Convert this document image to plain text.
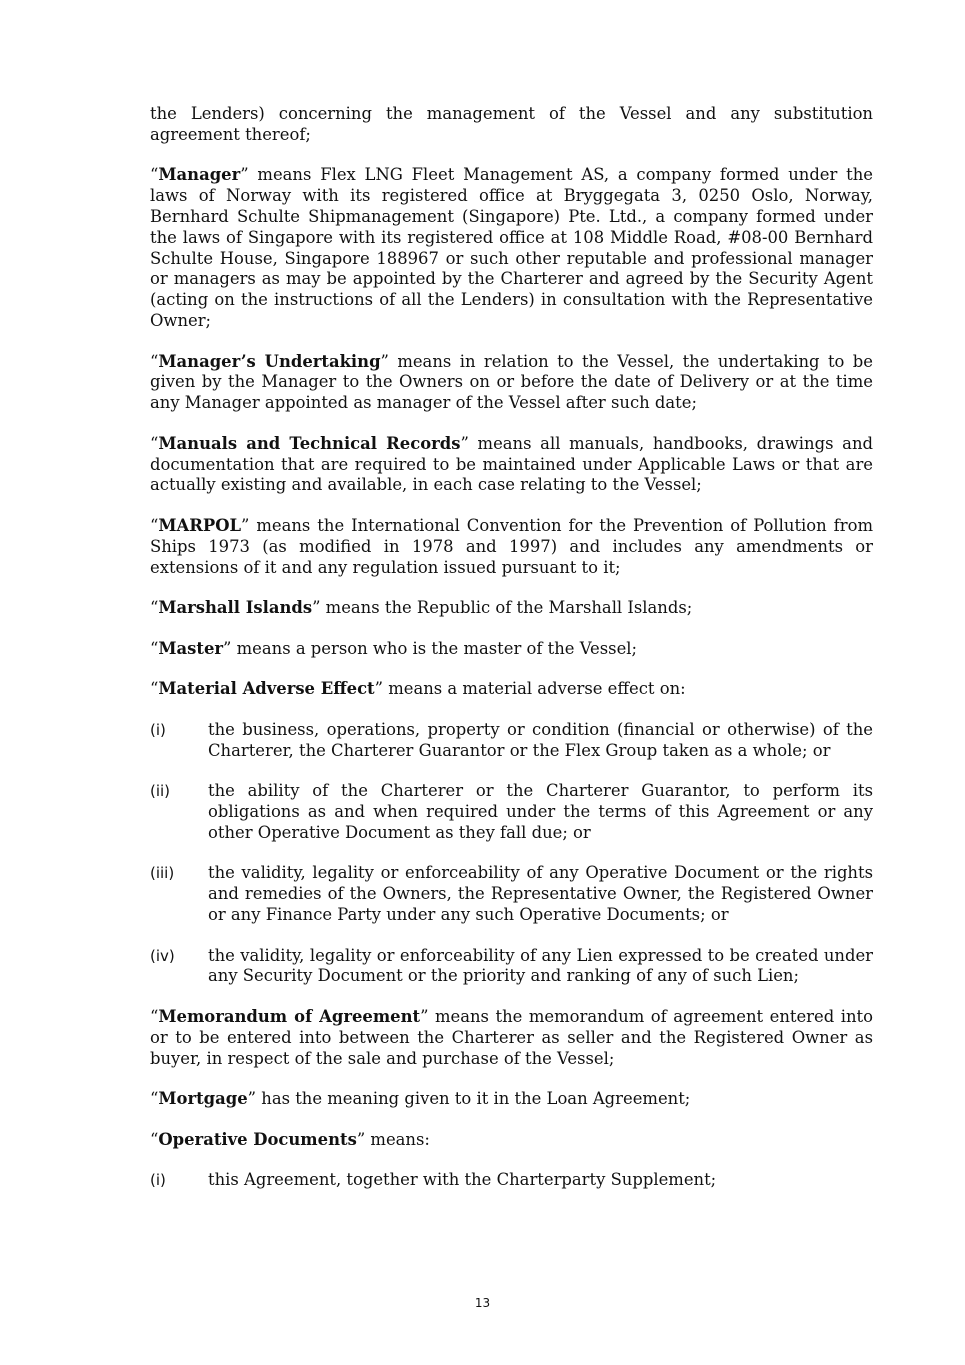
the Lenders) concerning the management of the Vessel and any substitution agreement thereof;

“Manager” means Flex LNG Fleet Management AS, a company formed under the laws of Norway with its registered office at Bryggegata 3, 0250 Oslo, Norway, Bernhard Schulte Shipmanagement (Singapore) Pte. Ltd., a company formed under the laws of Singapore with its registered office at 108 Middle Road, #08-00 Bernhard Schulte House, Singapore 188967 or such other reputable and professional manager or managers as may be appointed by the Charterer and agreed by the Security Agent (acting on the instructions of all the Lenders) in consultation with the Representative Owner;

“Manager’s Undertaking” means in relation to the Vessel, the undertaking to be given by the Manager to the Owners on or before the date of Delivery or at the time any Manager appointed as manager of the Vessel after such date;

“Manuals and Technical Records” means all manuals, handbooks, drawings and documentation that are required to be maintained under Applicable Laws or that are actually existing and available, in each case relating to the Vessel;

“MARPOL” means the International Convention for the Prevention of Pollution from Ships 1973 (as modified in 1978 and 1997) and includes any amendments or extensions of it and any regulation issued pursuant to it;

“Marshall Islands” means the Republic of the Marshall Islands;

“Master” means a person who is the master of the Vessel;

“Material Adverse Effect” means a material adverse effect on:

(i)	the business, operations, property or condition (financial or otherwise) of the Charterer, the Charterer Guarantor or the Flex Group taken as a whole; or
(ii)	the ability of the Charterer or the Charterer Guarantor, to perform its obligations as and when required under the terms of this Agreement or any other Operative Document as they fall due; or
(iii)	the validity, legality or enforceability of any Operative Document or the rights and remedies of the Owners, the Representative Owner, the Registered Owner or any Finance Party under any such Operative Documents; or
(iv)	the validity, legality or enforceability of any Lien expressed to be created under any Security Document or the priority and ranking of any of such Lien;

“Memorandum of Agreement” means the memorandum of agreement entered into or to be entered into between the Charterer as seller and the Registered Owner as buyer, in respect of the sale and purchase of the Vessel;

“Mortgage” has the meaning given to it in the Loan Agreement;

“Operative Documents” means:

(i)	this Agreement, together with the Charterparty Supplement;
13
